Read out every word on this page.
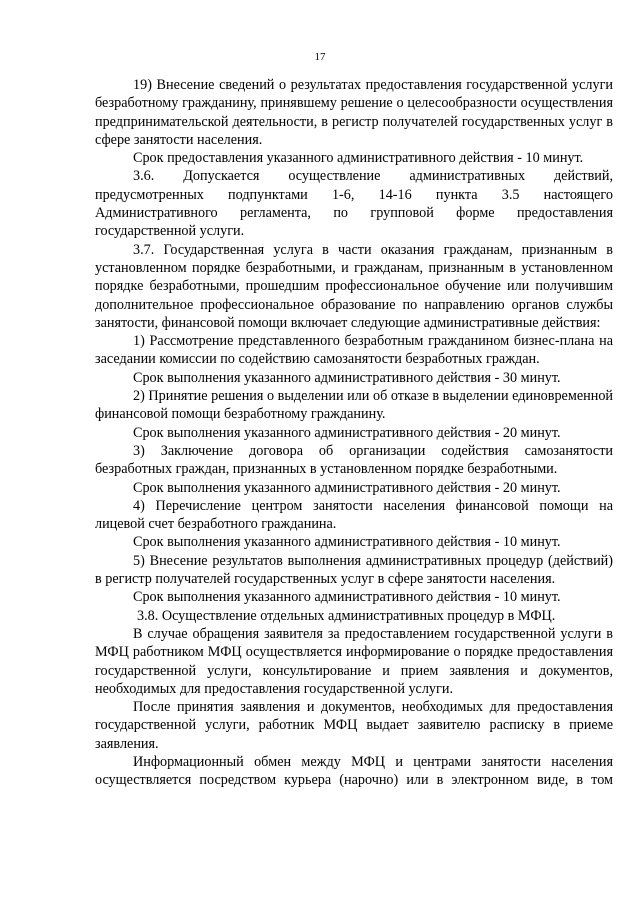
17

19) Внесение сведений о результатах предоставления государственной услуги безработному гражданину, принявшему решение о целесообразности осуществления предпринимательской деятельности, в регистр получателей государственных услуг в сфере занятости населения.

Срок предоставления указанного административного действия - 10 минут.

3.6. Допускается осуществление административных действий, предусмотренных подпунктами 1-6, 14-16 пункта 3.5 настоящего Административного регламента, по групповой форме предоставления государственной услуги.

3.7. Государственная услуга в части оказания гражданам, признанным в установленном порядке безработными, и гражданам, признанным в установленном порядке безработными, прошедшим профессиональное обучение или получившим дополнительное профессиональное образование по направлению органов службы занятости, финансовой помощи включает следующие административные действия:

1) Рассмотрение представленного безработным гражданином бизнес-плана на заседании комиссии по содействию самозанятости безработных граждан.

Срок выполнения указанного административного действия - 30 минут.

2) Принятие решения о выделении или об отказе в выделении единовременной финансовой помощи безработному гражданину.

Срок выполнения указанного административного действия - 20 минут.

3) Заключение договора об организации содействия самозанятости безработных граждан, признанных в установленном порядке безработными.

Срок выполнения указанного административного действия - 20 минут.

4) Перечисление центром занятости населения финансовой помощи на лицевой счет безработного гражданина.

Срок выполнения указанного административного действия - 10 минут.

5) Внесение результатов выполнения административных процедур (действий) в регистр получателей государственных услуг в сфере занятости населения.

Срок выполнения указанного административного действия - 10 минут.

3.8. Осуществление отдельных административных процедур в МФЦ.

В случае обращения заявителя за предоставлением государственной услуги в МФЦ работником МФЦ осуществляется информирование о порядке предоставления государственной услуги, консультирование и прием заявления и документов, необходимых для предоставления государственной услуги.

После принятия заявления и документов, необходимых для предоставления государственной услуги, работник МФЦ выдает заявителю расписку в приеме заявления.

Информационный обмен между МФЦ и центрами занятости населения осуществляется посредством курьера (нарочно) или в электронном виде, в том
